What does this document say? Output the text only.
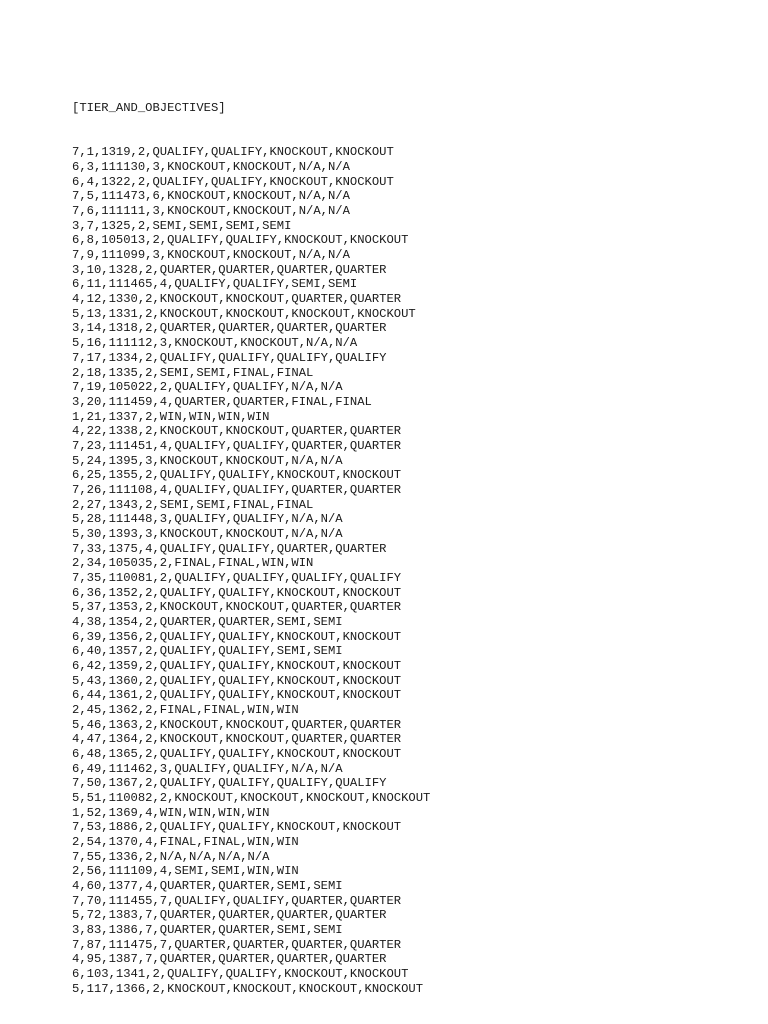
[TIER_AND_OBJECTIVES]

7,1,1319,2,QUALIFY,QUALIFY,KNOCKOUT,KNOCKOUT
6,3,111130,3,KNOCKOUT,KNOCKOUT,N/A,N/A
6,4,1322,2,QUALIFY,QUALIFY,KNOCKOUT,KNOCKOUT
7,5,111473,6,KNOCKOUT,KNOCKOUT,N/A,N/A
7,6,111111,3,KNOCKOUT,KNOCKOUT,N/A,N/A
3,7,1325,2,SEMI,SEMI,SEMI,SEMI
6,8,105013,2,QUALIFY,QUALIFY,KNOCKOUT,KNOCKOUT
7,9,111099,3,KNOCKOUT,KNOCKOUT,N/A,N/A
3,10,1328,2,QUARTER,QUARTER,QUARTER,QUARTER
6,11,111465,4,QUALIFY,QUALIFY,SEMI,SEMI
4,12,1330,2,KNOCKOUT,KNOCKOUT,QUARTER,QUARTER
5,13,1331,2,KNOCKOUT,KNOCKOUT,KNOCKOUT,KNOCKOUT
3,14,1318,2,QUARTER,QUARTER,QUARTER,QUARTER
5,16,111112,3,KNOCKOUT,KNOCKOUT,N/A,N/A
7,17,1334,2,QUALIFY,QUALIFY,QUALIFY,QUALIFY
2,18,1335,2,SEMI,SEMI,FINAL,FINAL
7,19,105022,2,QUALIFY,QUALIFY,N/A,N/A
3,20,111459,4,QUARTER,QUARTER,FINAL,FINAL
1,21,1337,2,WIN,WIN,WIN,WIN
4,22,1338,2,KNOCKOUT,KNOCKOUT,QUARTER,QUARTER
7,23,111451,4,QUALIFY,QUALIFY,QUARTER,QUARTER
5,24,1395,3,KNOCKOUT,KNOCKOUT,N/A,N/A
6,25,1355,2,QUALIFY,QUALIFY,KNOCKOUT,KNOCKOUT
7,26,111108,4,QUALIFY,QUALIFY,QUARTER,QUARTER
2,27,1343,2,SEMI,SEMI,FINAL,FINAL
5,28,111448,3,QUALIFY,QUALIFY,N/A,N/A
5,30,1393,3,KNOCKOUT,KNOCKOUT,N/A,N/A
7,33,1375,4,QUALIFY,QUALIFY,QUARTER,QUARTER
2,34,105035,2,FINAL,FINAL,WIN,WIN
7,35,110081,2,QUALIFY,QUALIFY,QUALIFY,QUALIFY
6,36,1352,2,QUALIFY,QUALIFY,KNOCKOUT,KNOCKOUT
5,37,1353,2,KNOCKOUT,KNOCKOUT,QUARTER,QUARTER
4,38,1354,2,QUARTER,QUARTER,SEMI,SEMI
6,39,1356,2,QUALIFY,QUALIFY,KNOCKOUT,KNOCKOUT
6,40,1357,2,QUALIFY,QUALIFY,SEMI,SEMI
6,42,1359,2,QUALIFY,QUALIFY,KNOCKOUT,KNOCKOUT
5,43,1360,2,QUALIFY,QUALIFY,KNOCKOUT,KNOCKOUT
6,44,1361,2,QUALIFY,QUALIFY,KNOCKOUT,KNOCKOUT
2,45,1362,2,FINAL,FINAL,WIN,WIN
5,46,1363,2,KNOCKOUT,KNOCKOUT,QUARTER,QUARTER
4,47,1364,2,KNOCKOUT,KNOCKOUT,QUARTER,QUARTER
6,48,1365,2,QUALIFY,QUALIFY,KNOCKOUT,KNOCKOUT
6,49,111462,3,QUALIFY,QUALIFY,N/A,N/A
7,50,1367,2,QUALIFY,QUALIFY,QUALIFY,QUALIFY
5,51,110082,2,KNOCKOUT,KNOCKOUT,KNOCKOUT,KNOCKOUT
1,52,1369,4,WIN,WIN,WIN,WIN
7,53,1886,2,QUALIFY,QUALIFY,KNOCKOUT,KNOCKOUT
2,54,1370,4,FINAL,FINAL,WIN,WIN
7,55,1336,2,N/A,N/A,N/A,N/A
2,56,111109,4,SEMI,SEMI,WIN,WIN
4,60,1377,4,QUARTER,QUARTER,SEMI,SEMI
7,70,111455,7,QUALIFY,QUALIFY,QUARTER,QUARTER
5,72,1383,7,QUARTER,QUARTER,QUARTER,QUARTER
3,83,1386,7,QUARTER,QUARTER,SEMI,SEMI
7,87,111475,7,QUARTER,QUARTER,QUARTER,QUARTER
4,95,1387,7,QUARTER,QUARTER,QUARTER,QUARTER
6,103,1341,2,QUALIFY,QUALIFY,KNOCKOUT,KNOCKOUT
5,117,1366,2,KNOCKOUT,KNOCKOUT,KNOCKOUT,KNOCKOUT
